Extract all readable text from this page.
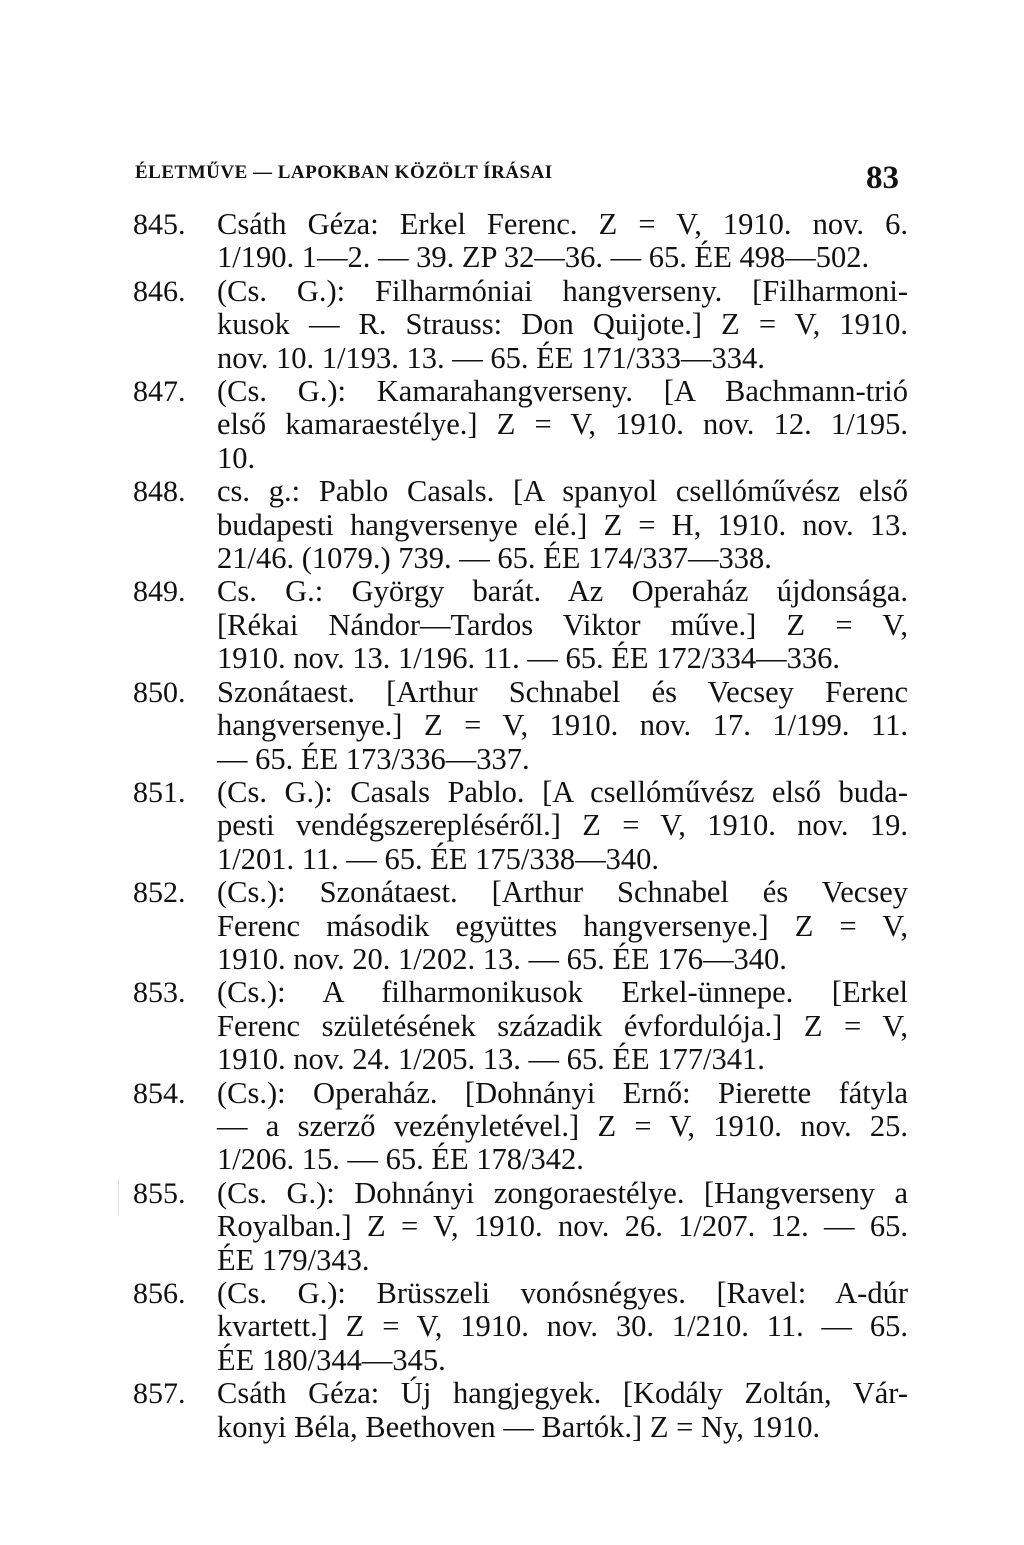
ÉLETMŰVE — LAPOKBAN KÖZÖLT ÍRÁSAI	83
845. Csáth Géza: Erkel Ferenc. Z = V, 1910. nov. 6.
1/190. 1—2. — 39. ZP 32—36. — 65. ÉE 498—502.
846. (Cs. G.): Filharmóniai hangverseny. [Filharmoni-
kusok — R. Strauss: Don Quijote.] Z = V, 1910.
nov. 10. 1/193. 13. — 65. ÉE 171/333—334.
847. (Cs. G.): Kamarahangverseny. [A Bachmann-trió
első kamaraestélye.] Z = V, 1910. nov. 12. 1/195.
10.
848. cs. g.: Pablo Casals. [A spanyol csellóművész első
budapesti hangversenye elé.] Z = H, 1910. nov. 13.
21/46. (1079.) 739. — 65. ÉE 174/337—338.
849. Cs. G.: György barát. Az Operaház újdonsága.
[Rékai Nándor—Tardos Viktor műve.] Z = V,
1910. nov. 13. 1/196. 11. — 65. ÉE 172/334—336.
850. Szonátaest. [Arthur Schnabel és Vecsey Ferenc
hangversenye.] Z = V, 1910. nov. 17. 1/199. 11.
— 65. ÉE 173/336—337.
851. (Cs. G.): Casals Pablo. [A csellóművész első buda-
pesti vendégszerepléséről.] Z = V, 1910. nov. 19.
1/201. 11. — 65. ÉE 175/338—340.
852. (Cs.): Szonátaest. [Arthur Schnabel és Vecsey
Ferenc második együttes hangversenye.] Z = V,
1910. nov. 20. 1/202. 13. — 65. ÉE 176—340.
853. (Cs.): A filharmonikusok Erkel-ünnepe. [Erkel
Ferenc születésének századik évfordulója.] Z = V,
1910. nov. 24. 1/205. 13. — 65. ÉE 177/341.
854. (Cs.): Operaház. [Dohnányi Ernő: Pierette fátyla
— a szerző vezényletével.] Z = V, 1910. nov. 25.
1/206. 15. — 65. ÉE 178/342.
855. (Cs. G.): Dohnányi zongoraestélye. [Hangverseny a
Royalban.] Z = V, 1910. nov. 26. 1/207. 12. — 65.
ÉE 179/343.
856. (Cs. G.): Brüsszeli vonósnégyes. [Ravel: A-dúr
kvartett.] Z = V, 1910. nov. 30. 1/210. 11. — 65.
ÉE 180/344—345.
857. Csáth Géza: Új hangjegyek. [Kodály Zoltán, Vár-
konyi Béla, Beethoven — Bartók.] Z = Ny, 1910.
